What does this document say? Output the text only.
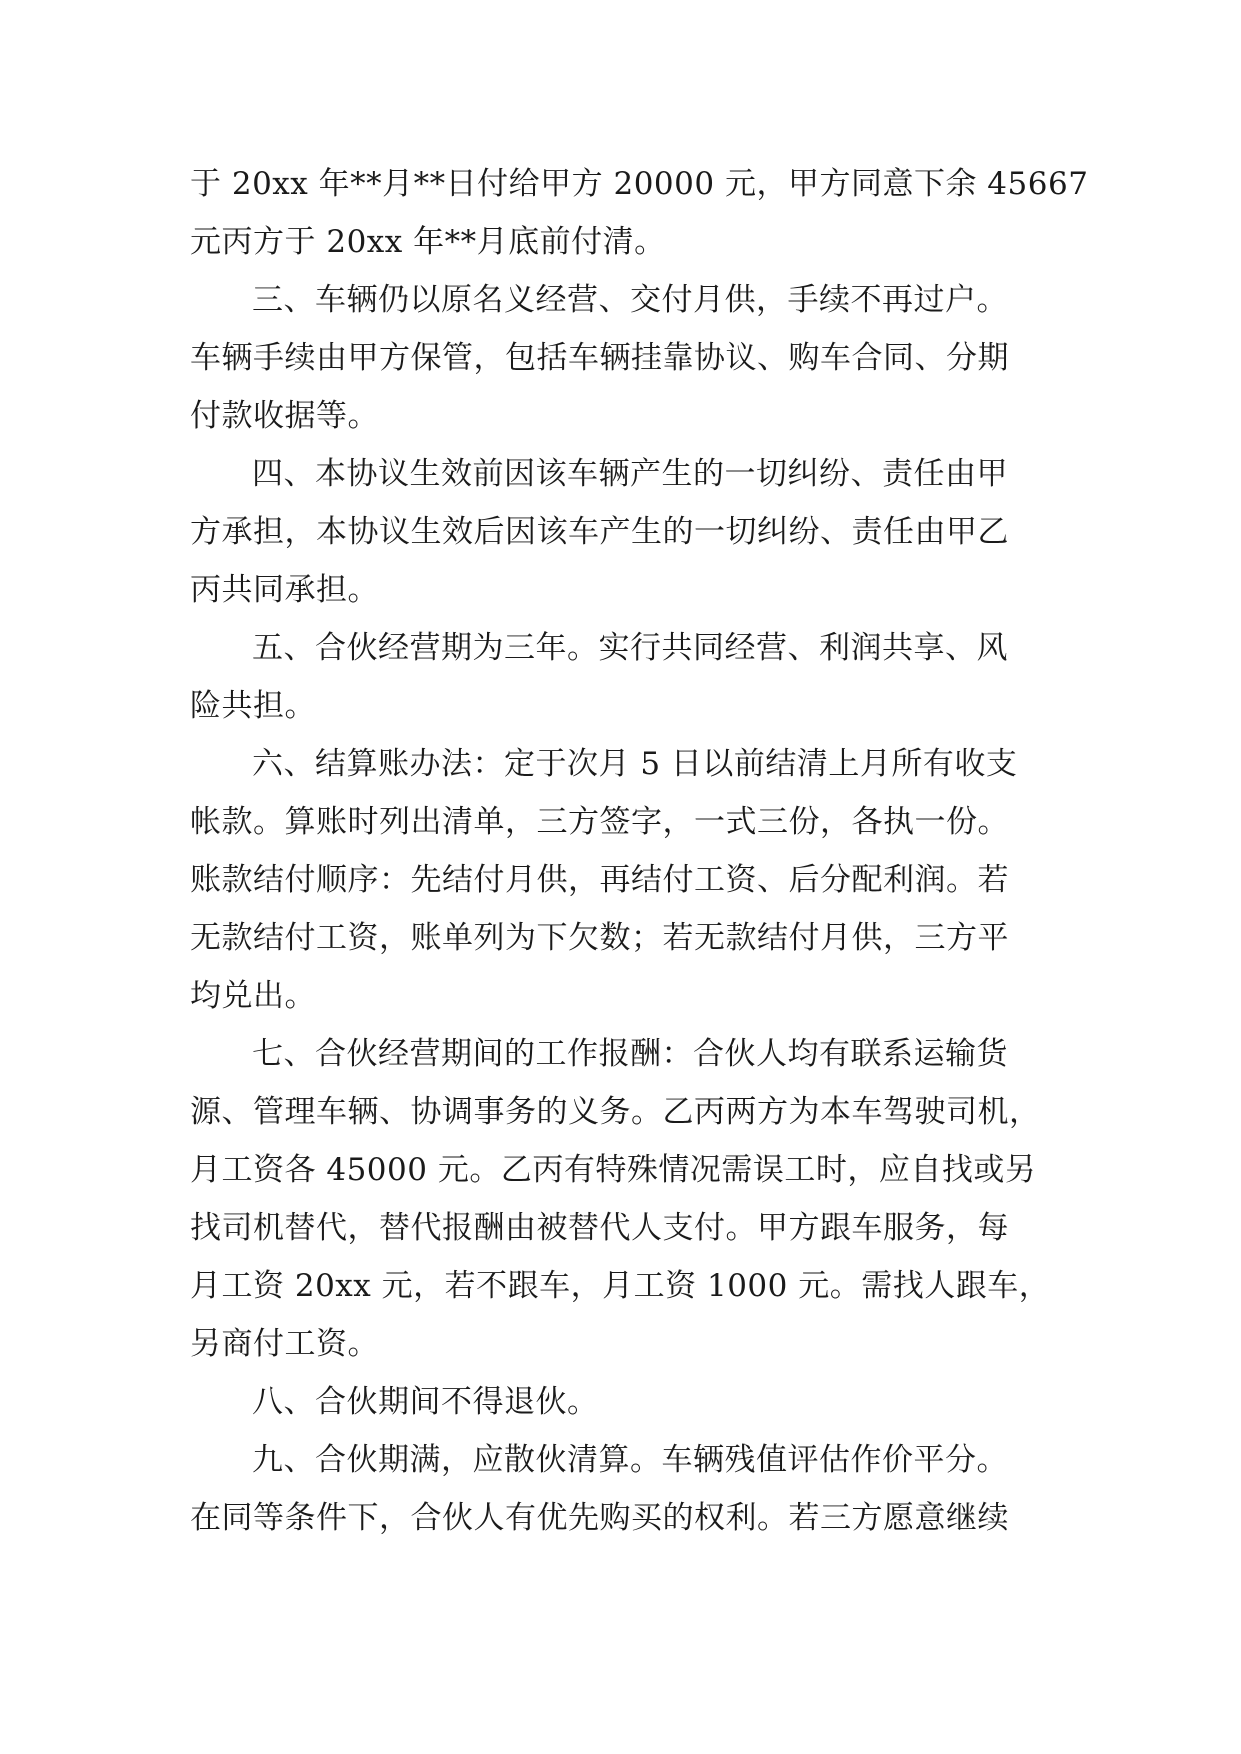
于 20xx 年**月**日付给甲方 20000 元，甲方同意下余 45667

元丙方于 20xx 年**月底前付清。

三、车辆仍以原名义经营、交付月供，手续不再过户。

车辆手续由甲方保管，包括车辆挂靠协议、购车合同、分期

付款收据等。

四、本协议生效前因该车辆产生的一切纠纷、责任由甲

方承担，本协议生效后因该车产生的一切纠纷、责任由甲乙

丙共同承担。

五、合伙经营期为三年。实行共同经营、利润共享、风

险共担。

六、结算账办法：定于次月 5 日以前结清上月所有收支

帐款。算账时列出清单，三方签字，一式三份，各执一份。

账款结付顺序：先结付月供，再结付工资、后分配利润。若

无款结付工资，账单列为下欠数；若无款结付月供，三方平

均兑出。

七、合伙经营期间的工作报酬：合伙人均有联系运输货

源、管理车辆、协调事务的义务。乙丙两方为本车驾驶司机，

月工资各 45000 元。乙丙有特殊情况需误工时，应自找或另

找司机替代，替代报酬由被替代人支付。甲方跟车服务，每

月工资 20xx 元，若不跟车，月工资 1000 元。需找人跟车，

另商付工资。

八、合伙期间不得退伙。

九、合伙期满，应散伙清算。车辆残值评估作价平分。

在同等条件下，合伙人有优先购买的权利。若三方愿意继续
